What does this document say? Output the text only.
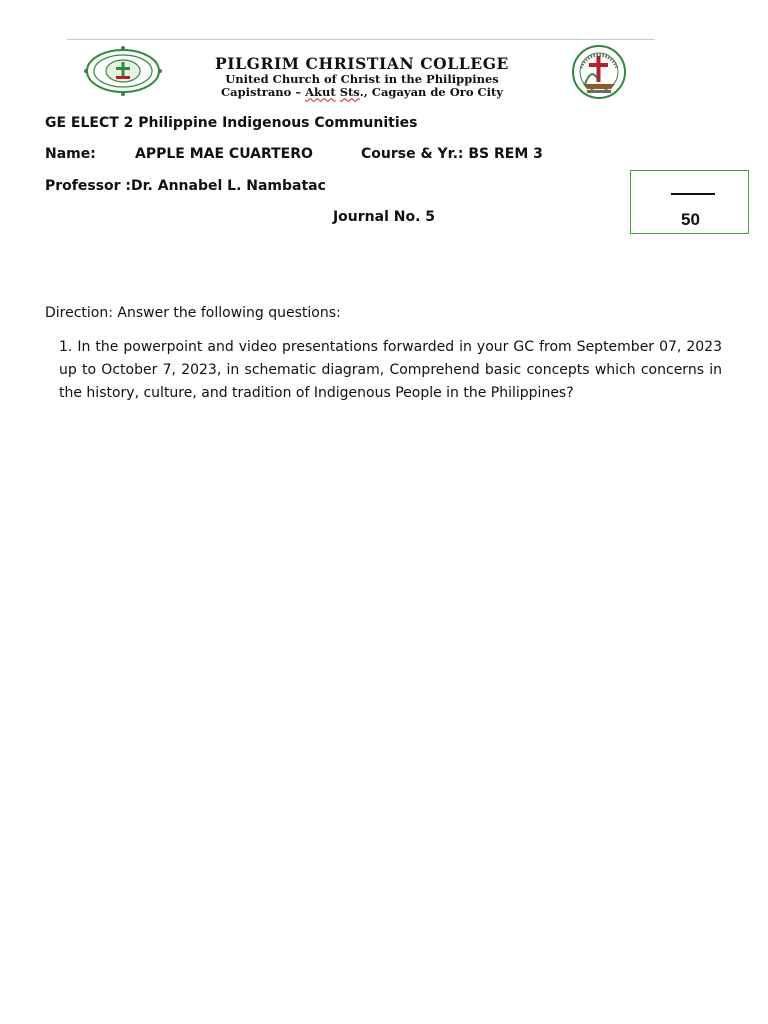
PILGRIM CHRISTIAN COLLEGE
United Church of Christ in the Philippines
Capistrano – Akut Sts., Cagayan de Oro City
GE ELECT 2 Philippine Indigenous Communities
Name:	APPLE MAE CUARTERO	Course & Yr.: BS REM 3
Professor :Dr. Annabel L. Nambatac
Journal No. 5	50
Direction: Answer the following questions:
1. In the powerpoint and video presentations forwarded in your GC from September 07, 2023 up to October 7, 2023, in schematic diagram, Comprehend basic concepts which concerns in the history, culture, and tradition of Indigenous People in the Philippines?
